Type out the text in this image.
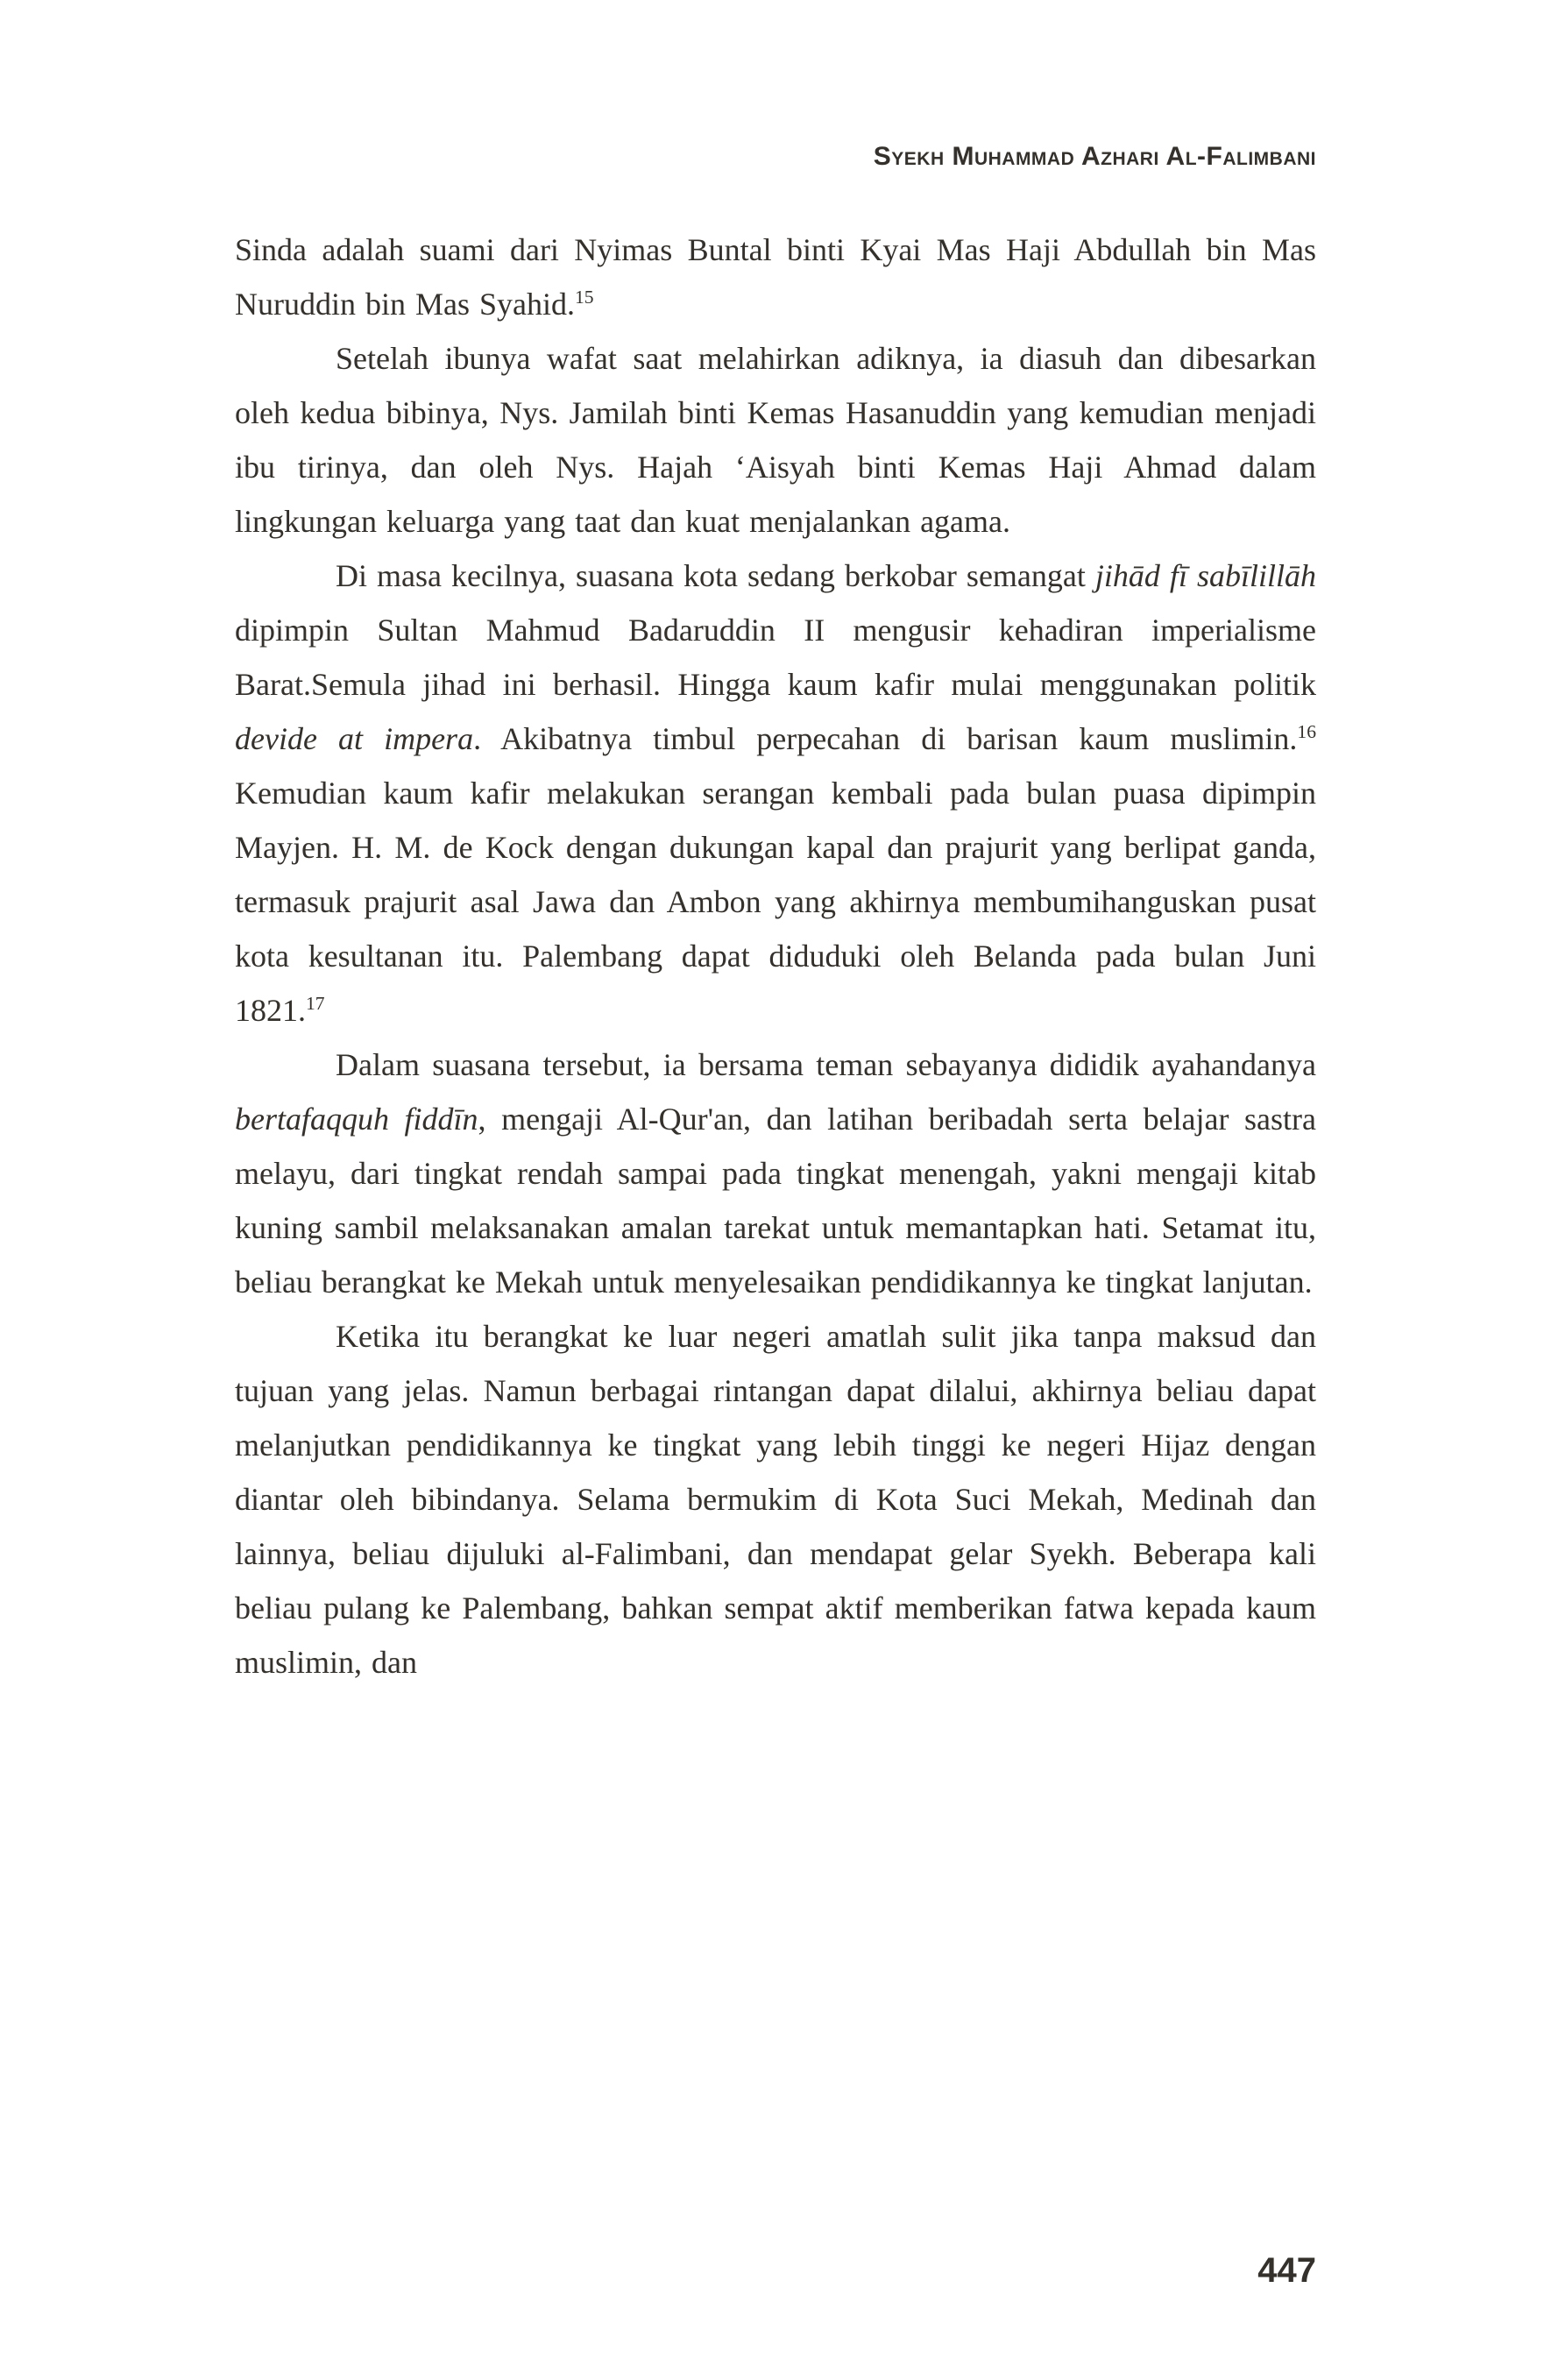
Syekh Muhammad Azhari Al-Falimbani

Sinda adalah suami dari Nyimas Buntal binti Kyai Mas Haji Abdullah bin Mas Nuruddin bin Mas Syahid.$^{15}$

Setelah ibunya wafat saat melahirkan adiknya, ia diasuh dan dibesarkan oleh kedua bibinya, Nys. Jamilah binti Kemas Hasanuddin yang kemudian menjadi ibu tirinya, dan oleh Nys. Hajah ‘Aisyah binti Kemas Haji Ahmad dalam lingkungan keluarga yang taat dan kuat menjalankan agama.

Di masa kecilnya, suasana kota sedang berkobar semangat jihād fī sabīlillāh dipimpin Sultan Mahmud Badaruddin II mengusir kehadiran imperialisme Barat.Semula jihad ini berhasil. Hingga kaum kafir mulai menggunakan politik devide at impera. Akibatnya timbul perpecahan di barisan kaum muslimin.$^{16}$ Kemudian kaum kafir melakukan serangan kembali pada bulan puasa dipimpin Mayjen. H. M. de Kock dengan dukungan kapal dan prajurit yang berlipat ganda, termasuk prajurit asal Jawa dan Ambon yang akhirnya membumihanguskan pusat kota kesultanan itu. Palembang dapat diduduki oleh Belanda pada bulan Juni 1821.17

Dalam suasana tersebut, ia bersama teman sebayanya dididik ayahandanya bertafaqquh fiddīn, mengaji Al-Qur'an, dan latihan beribadah serta belajar sastra melayu, dari tingkat rendah sampai pada tingkat menengah, yakni mengaji kitab kuning sambil melaksanakan amalan tarekat untuk memantapkan hati. Setamat itu, beliau berangkat ke Mekah untuk menyelesaikan pendidikannya ke tingkat lanjutan.

Ketika itu berangkat ke luar negeri amatlah sulit jika tanpa maksud dan tujuan yang jelas. Namun berbagai rintangan dapat dilalui, akhirnya beliau dapat melanjutkan pendidikannya ke tingkat yang lebih tinggi ke negeri Hijaz dengan diantar oleh bibindanya. Selama bermukim di Kota Suci Mekah, Medinah dan lainnya, beliau dijuluki al-Falimbani, dan mendapat gelar Syekh. Beberapa kali beliau pulang ke Palembang, bahkan sempat aktif memberikan fatwa kepada kaum muslimin, dan

447
